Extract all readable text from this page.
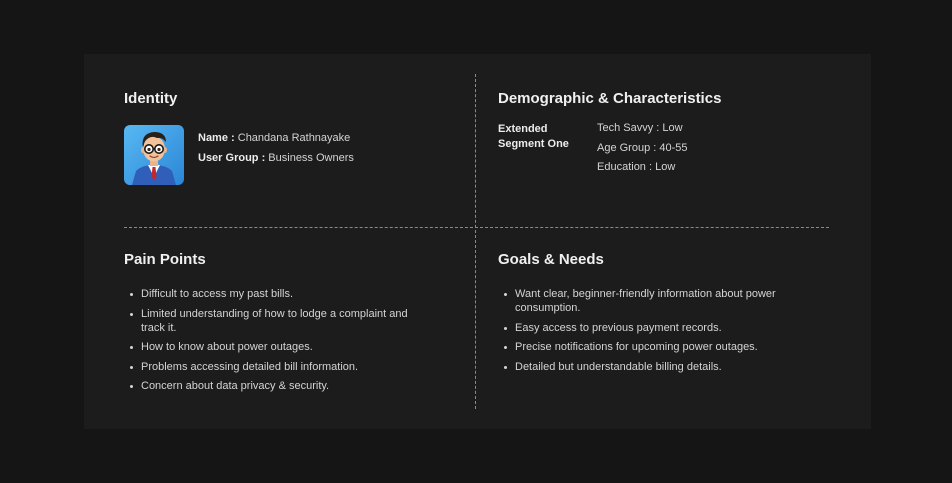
Identity
Name : Chandana Rathnayake
User Group : Business Owners
Demographic & Characteristics
Extended
Segment One
Tech Savvy : Low
Age Group : 40-55
Education : Low
Pain Points
Difficult to access my past bills.
Limited understanding of how to lodge a complaint and track it.
How to know about power outages.
Problems accessing detailed bill information.
Concern about data privacy & security.
Goals & Needs
Want clear, beginner-friendly information about power consumption.
Easy access to previous payment records.
Precise notifications for upcoming power outages.
Detailed but understandable billing details.
